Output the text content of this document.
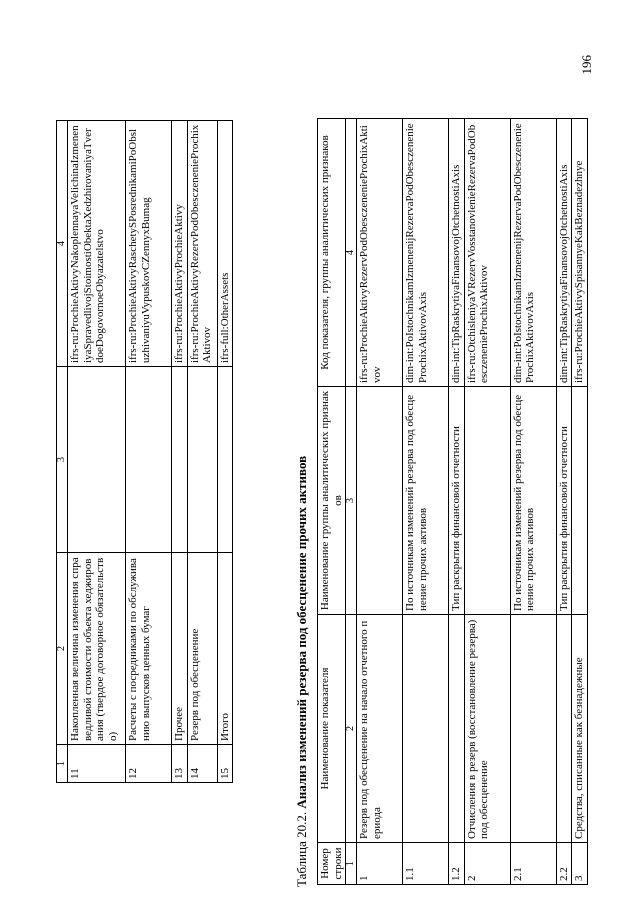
1	2	3	4
11	Накопленная величина изменения справедливой стоимости объекта хеджирования (твердое договорное обязательство)		ifrs-ru:ProchieAktivyNakoplennayaVelichinaIzmeneniyaSpravedlivojStoimostiObektaXedzhirovaniyaTverdoeDogovornoeObyazatelstvo
12	Расчеты с посредниками по обслуживанию выпусков ценных бумаг		ifrs-ru:ProchieAktivyRaschetySPosrednikamiPoObsluzhivaniyuVypuskovCZennyxBumag
13	Прочее		ifrs-ru:ProchieAktivyProchieAktivy
14	Резерв под обесценение		ifrs-ru:ProchieAktivyRezervPodObesczenenieProchixAktivov
15	Итого		ifrs-full:OtherAssets
Таблица 20.2. Анализ изменений резерва под обесценение прочих активов
Номер строки	Наименование показателя	Наименование группы аналитических признаков	Код показателя, группы аналитических признаков
1	2	3	4
1	Резерв под обесценение на начало отчетного периода		ifrs-ru:ProchieAktivyRezervPodObesczenenieProchixAktivov
1.1		По источникам изменений резерва под обесценение прочих активов	dim-int:PoIstochnikamIzmenenijRezervaPodObesczenenieProchixAktivovAxis
1.2		Тип раскрытия финансовой отчетности	dim-int:TipRaskrytiyaFinansovojOtchetnostiAxis
2	Отчисления в резерв (восстановление резерва) под обесценение		ifrs-ru:OtchisleniyaVRezervVosstanovlenieRezervaPodObesczenenieProchixAktivov
2.1		По источникам изменений резерва под обесценение прочих активов	dim-int:PoIstochnikamIzmenenijRezervaPodObesczenenieProchixAktivovAxis
2.2		Тип раскрытия финансовой отчетности	dim-int:TipRaskrytiyaFinansovojOtchetnostiAxis
3	Средства, списанные как безнадежные		ifrs-ru:ProchieAktivySpisannyeKakBeznadezhnye
196
